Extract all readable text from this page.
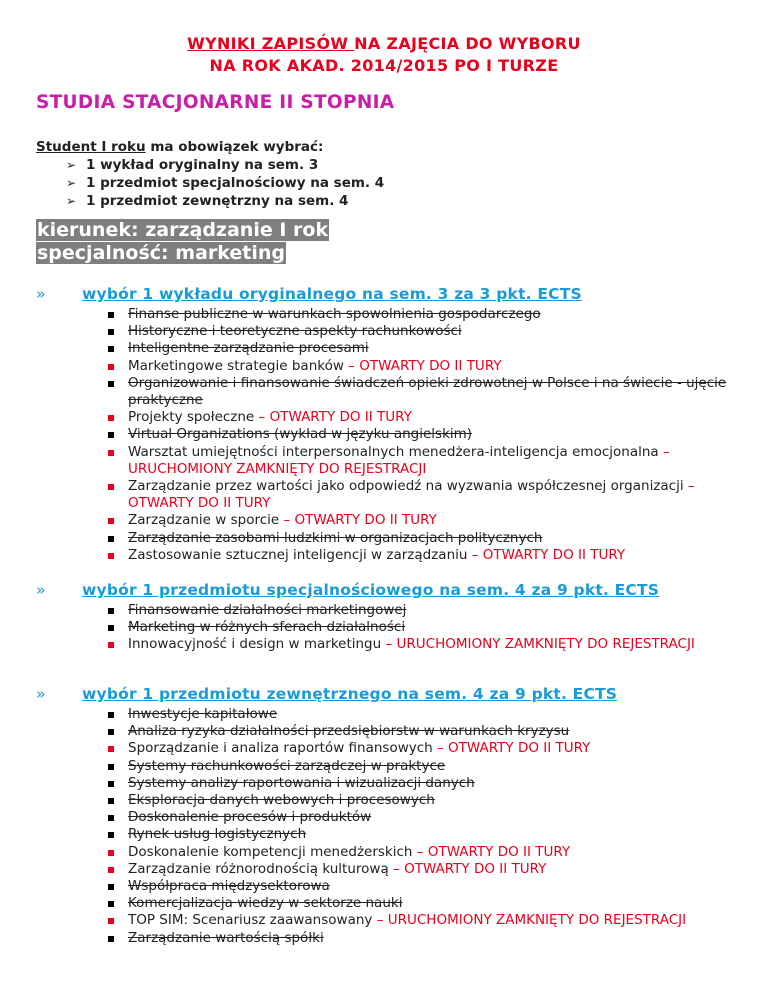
WYNIKI ZAPISÓW NA ZAJĘCIA DO WYBORU
NA ROK AKAD. 2014/2015 PO I TURZE
STUDIA STACJONARNE II STOPNIA
Student I roku ma obowiązek wybrać:
➢ 1 wykład oryginalny na sem. 3
➢ 1 przedmiot specjalnościowy na sem. 4
➢ 1 przedmiot zewnętrzny na sem. 4
kierunek: zarządzanie I rok
specjalność: marketing
» wybór 1 wykładu oryginalnego na sem. 3 za 3 pkt. ECTS
Finanse publiczne w warunkach spowolnienia gospodarczego
Historyczne i teoretyczne aspekty rachunkowości
Inteligentne zarządzanie procesami
Marketingowe strategie banków – OTWARTY DO II TURY
Organizowanie i finansowanie świadczeń opieki zdrowotnej w Polsce i na świecie - ujęcie praktyczne
Projekty społeczne – OTWARTY DO II TURY
Virtual Organizations (wykład w języku angielskim)
Warsztat umiejętności interpersonalnych menedżera-inteligencja emocjonalna – URUCHOMIONY ZAMKNIĘTY DO REJESTRACJI
Zarządzanie przez wartości jako odpowiedź na wyzwania współczesnej organizacji – OTWARTY DO II TURY
Zarządzanie w sporcie – OTWARTY DO II TURY
Zarządzanie zasobami ludzkimi w organizacjach politycznych
Zastosowanie sztucznej inteligencji w zarządzaniu – OTWARTY DO II TURY
» wybór 1 przedmiotu specjalnościowego na sem. 4 za 9 pkt. ECTS
Finansowanie działalności marketingowej
Marketing w różnych sferach działalności
Innowacyjność i design w marketingu – URUCHOMIONY ZAMKNIĘTY DO REJESTRACJI
» wybór 1 przedmiotu zewnętrznego na sem. 4 za 9 pkt. ECTS
Inwestycje kapitałowe
Analiza ryzyka działalności przedsiębiorstw w warunkach kryzysu
Sporządzanie i analiza raportów finansowych – OTWARTY DO II TURY
Systemy rachunkowości zarządczej w praktyce
Systemy analizy raportowania i wizualizacji danych
Eksploracja danych webowych i procesowych
Doskonalenie procesów i produktów
Rynek usług logistycznych
Doskonalenie kompetencji menedżerskich – OTWARTY DO II TURY
Zarządzanie różnorodnością kulturową – OTWARTY DO II TURY
Współpraca międzysektorowa
Komercjalizacja wiedzy w sektorze nauki
TOP SIM: Scenariusz zaawansowany – URUCHOMIONY ZAMKNIĘTY DO REJESTRACJI
Zarządzanie wartością spółki
